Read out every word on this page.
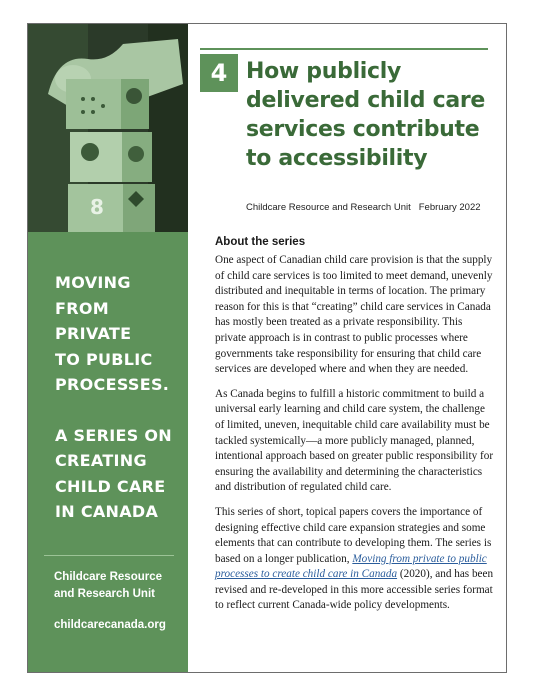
8

MOVING

FROM PRIVATE

TO PUBLIC

PROCESSES.

A SERIES ON

CREATING

CHILD CARE

IN CANADA

Childcare Resource
and Research Unit
childcarecanada.org
4 How publicly delivered child care services contribute to accessibility
Childcare Resource and Research Unit February 2022
About the series

One aspect of Canadian child care provision is that the supply of child care services is too limited to meet demand, unevenly distributed and inequitable in terms of location. The primary reason for this is that “creating” child care services in Canada has mostly been treated as a private responsibility. This private approach is in contrast to public processes where governments take responsibility for ensuring that child care services are developed where and when they are needed.

As Canada begins to fulfill a historic commitment to build a universal early learning and child care system, the challenge of limited, uneven, inequitable child care availability must be tackled systemically—a more publicly managed, planned, intentional approach based on greater public responsibility for ensuring the availability and determining the characteristics and distribution of regulated child care.

This series of short, topical papers covers the importance of designing effective child care expansion strategies and some elements that can contribute to developing them. The series is based on a longer publication, Moving from private to public processes to create child care in Canada (2020), and has been revised and re-developed in this more accessible series format to reflect current Canada-wide policy developments.
